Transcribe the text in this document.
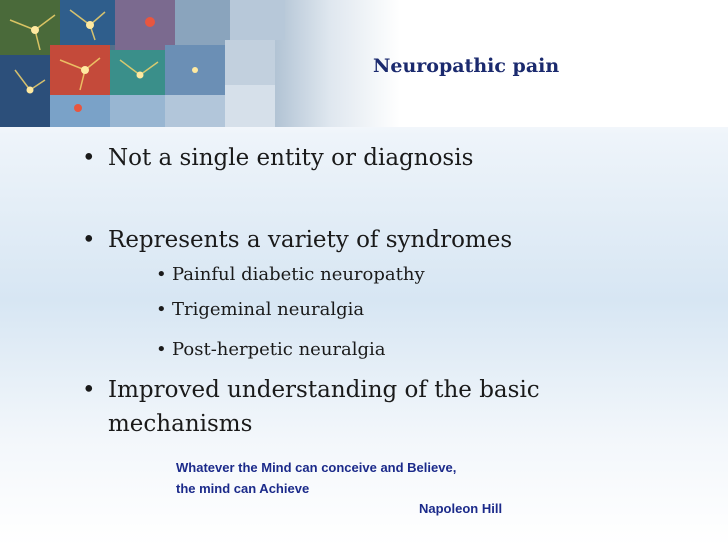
Neuropathic pain
• Not a single entity or diagnosis
• Represents a variety of syndromes
• Painful diabetic neuropathy
• Trigeminal neuralgia
• Post-herpetic neuralgia
• Improved understanding of the basic
mechanisms
Whatever the Mind can conceive and Believe,
the mind can Achieve
Napoleon Hill
